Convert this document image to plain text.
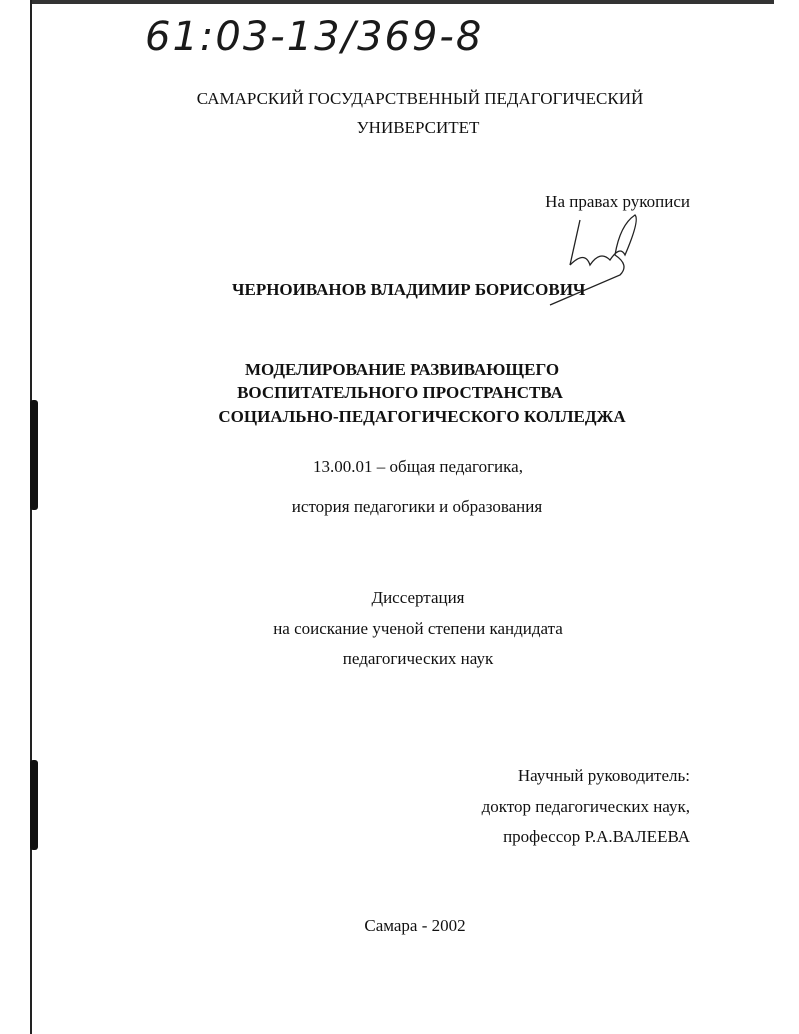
61:03-13/369-8
САМАРСКИЙ ГОСУДАРСТВЕННЫЙ ПЕДАГОГИЧЕСКИЙ
УНИВЕРСИТЕТ
На правах рукописи
ЧЕРНОИВАНОВ ВЛАДИМИР БОРИСОВИЧ
МОДЕЛИРОВАНИЕ РАЗВИВАЮЩЕГО
ВОСПИТАТЕЛЬНОГО ПРОСТРАНСТВА
СОЦИАЛЬНО-ПЕДАГОГИЧЕСКОГО КОЛЛЕДЖА
13.00.01 – общая педагогика,
история педагогики и образования
Диссертация
на соискание ученой степени кандидата
педагогических наук
Научный руководитель:
доктор педагогических наук,
профессор Р.А.ВАЛЕЕВА
Самара - 2002
